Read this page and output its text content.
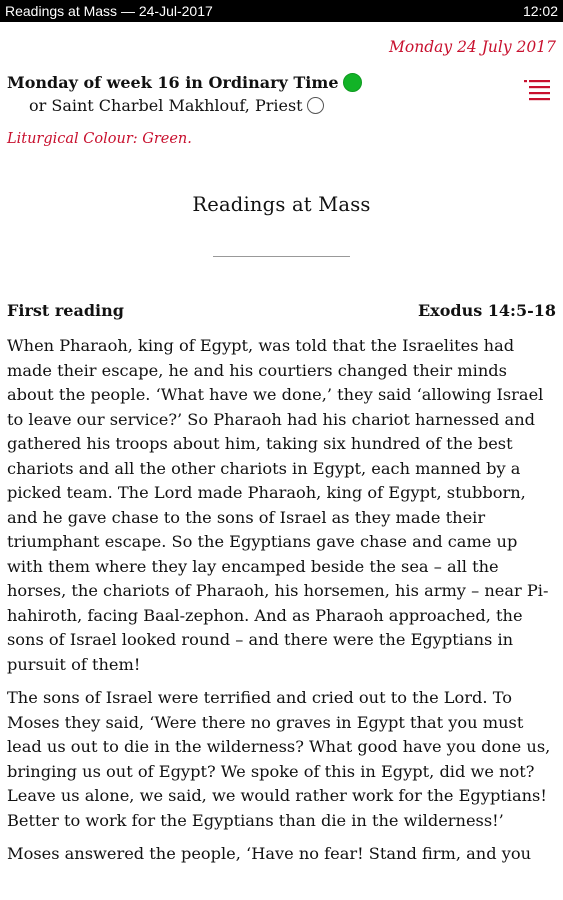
Readings at Mass — 24-Jul-2017	12:02
Monday 24 July 2017
Monday of week 16 in Ordinary Time
or Saint Charbel Makhlouf, Priest
Liturgical Colour: Green.
Readings at Mass
First reading	Exodus 14:5-18

When Pharaoh, king of Egypt, was told that the Israelites had made their escape, he and his courtiers changed their minds about the people. ‘What have we done,’ they said ‘allowing Israel to leave our service?’ So Pharaoh had his chariot harnessed and gathered his troops about him, taking six hundred of the best chariots and all the other chariots in Egypt, each manned by a picked team. The Lord made Pharaoh, king of Egypt, stubborn, and he gave chase to the sons of Israel as they made their triumphant escape. So the Egyptians gave chase and came up with them where they lay encamped beside the sea – all the horses, the chariots of Pharaoh, his horsemen, his army – near Pi-hahiroth, facing Baal-zephon. And as Pharaoh approached, the sons of Israel looked round – and there were the Egyptians in pursuit of them!

The sons of Israel were terrified and cried out to the Lord. To Moses they said, ‘Were there no graves in Egypt that you must lead us out to die in the wilderness? What good have you done us, bringing us out of Egypt? We spoke of this in Egypt, did we not? Leave us alone, we said, we would rather work for the Egyptians! Better to work for the Egyptians than die in the wilderness!’

Moses answered the people, ‘Have no fear! Stand firm, and you
